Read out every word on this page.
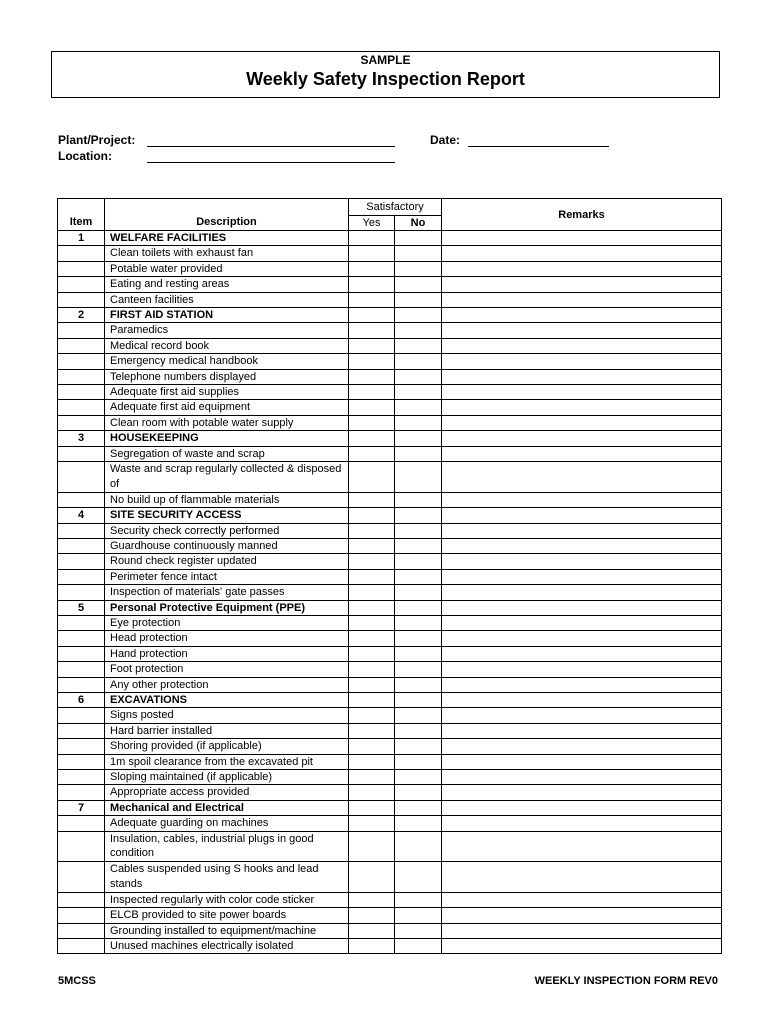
SAMPLE
Weekly Safety Inspection Report
Plant/Project:
Location:
Date:
Item	Description	Satisfactory		Remarks
		Yes	No	
1	WELFARE FACILITIES			
	Clean toilets with exhaust fan			
	Potable water provided			
	Eating and resting areas			
	Canteen facilities			
2	FIRST AID STATION			
	Paramedics			
	Medical record book			
	Emergency medical handbook			
	Telephone numbers displayed			
	Adequate first aid supplies			
	Adequate first aid equipment			
	Clean room with potable water supply			
3	HOUSEKEEPING			
	Segregation of waste and scrap			
	Waste and scrap regularly collected & disposed of			
	No build up of flammable materials			
4	SITE SECURITY ACCESS			
	Security check correctly performed			
	Guardhouse continuously manned			
	Round check register updated			
	Perimeter fence intact			
	Inspection of materials' gate passes			
5	Personal Protective Equipment (PPE)			
	Eye protection			
	Head protection			
	Hand protection			
	Foot protection			
	Any other protection			
6	EXCAVATIONS			
	Signs posted			
	Hard barrier installed			
	Shoring provided (if applicable)			
	1m spoil clearance from the excavated pit			
	Sloping maintained (if applicable)			
	Appropriate access provided			
7	Mechanical and Electrical			
	Adequate guarding on machines			
	Insulation, cables, industrial plugs in good condition			
	Cables suspended using S hooks and lead stands			
	Inspected regularly with color code sticker			
	ELCB provided to site power boards			
	Grounding installed to equipment/machine			
	Unused machines electrically isolated			
5MCSS	WEEKLY INSPECTION FORM REV0
